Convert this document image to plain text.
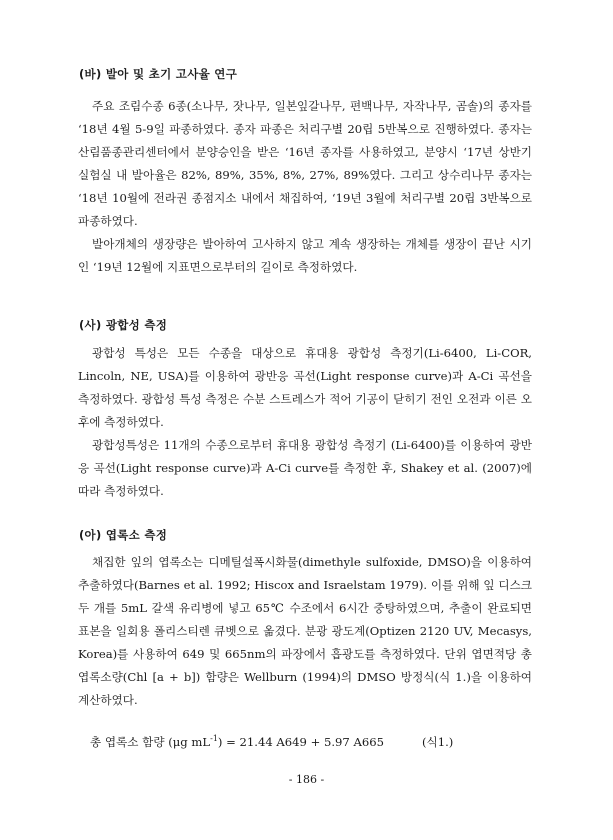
(바) 발아 및 초기 고사율 연구

주요 조림수종 6종(소나무, 잣나무, 일본잎갈나무, 편백나무, 자작나무, 곰솔)의 종자를 ‘18년 4월 5-9일 파종하였다. 종자 파종은 처리구별 20립 5반복으로 진행하였다. 종자는 산림품종관리센터에서 분양승인을 받은 ‘16년 종자를 사용하였고, 분양시 ‘17년 상반기 실험실 내 발아율은 82%, 89%, 35%, 8%, 27%, 89%였다. 그리고 상수리나무 종자는 ‘18년 10월에 전라권 종점지소 내에서 채집하여, ‘19년 3월에 처리구별 20립 3반복으로 파종하였다.

발아개체의 생장량은 발아하여 고사하지 않고 계속 생장하는 개체를 생장이 끝난 시기인 ‘19년 12월에 지표면으로부터의 길이로 측정하였다.

(사) 광합성 측정

광합성 특성은 모든 수종을 대상으로 휴대용 광합성 측정기(Li-6400, Li-COR, Lincoln, NE, USA)를 이용하여 광반응 곡선(Light response curve)과 A-Ci 곡선을 측정하였다. 광합성 특성 측정은 수분 스트레스가 적어 기공이 닫히기 전인 오전과 이른 오후에 측정하였다.

광합성특성은 11개의 수종으로부터 휴대용 광합성 측정기 (Li-6400)를 이용하여 광반응 곡선(Light response curve)과 A-Ci curve를 측정한 후, Shakey et al. (2007)에 따라 측정하였다.

(아) 엽록소 측정

채집한 잎의 엽록소는 디메틸설폭시화물(dimethyle sulfoxide, DMSO)을 이용하여 추출하였다(Barnes et al. 1992; Hiscox and Israelstam 1979). 이를 위해 잎 디스크 두 개를 5mL 갈색 유리병에 넣고 65℃ 수조에서 6시간 중탕하였으며, 추출이 완료되면 표본을 일회용 폴리스티렌 큐벳으로 옮겼다. 분광 광도계(Optizen 2120 UV, Mecasys, Korea)를 사용하여 649 및 665nm의 파장에서 흡광도를 측정하였다. 단위 엽면적당 총 엽록소량(Chl [a + b]) 함량은 Wellburn (1994)의 DMSO 방정식(식 1.)을 이용하여 계산하였다.

총 엽록소 함량 (μg $mL^{-1}) = 21.44$ A649 + 5.97 A665	(식1.)
- 186 -
